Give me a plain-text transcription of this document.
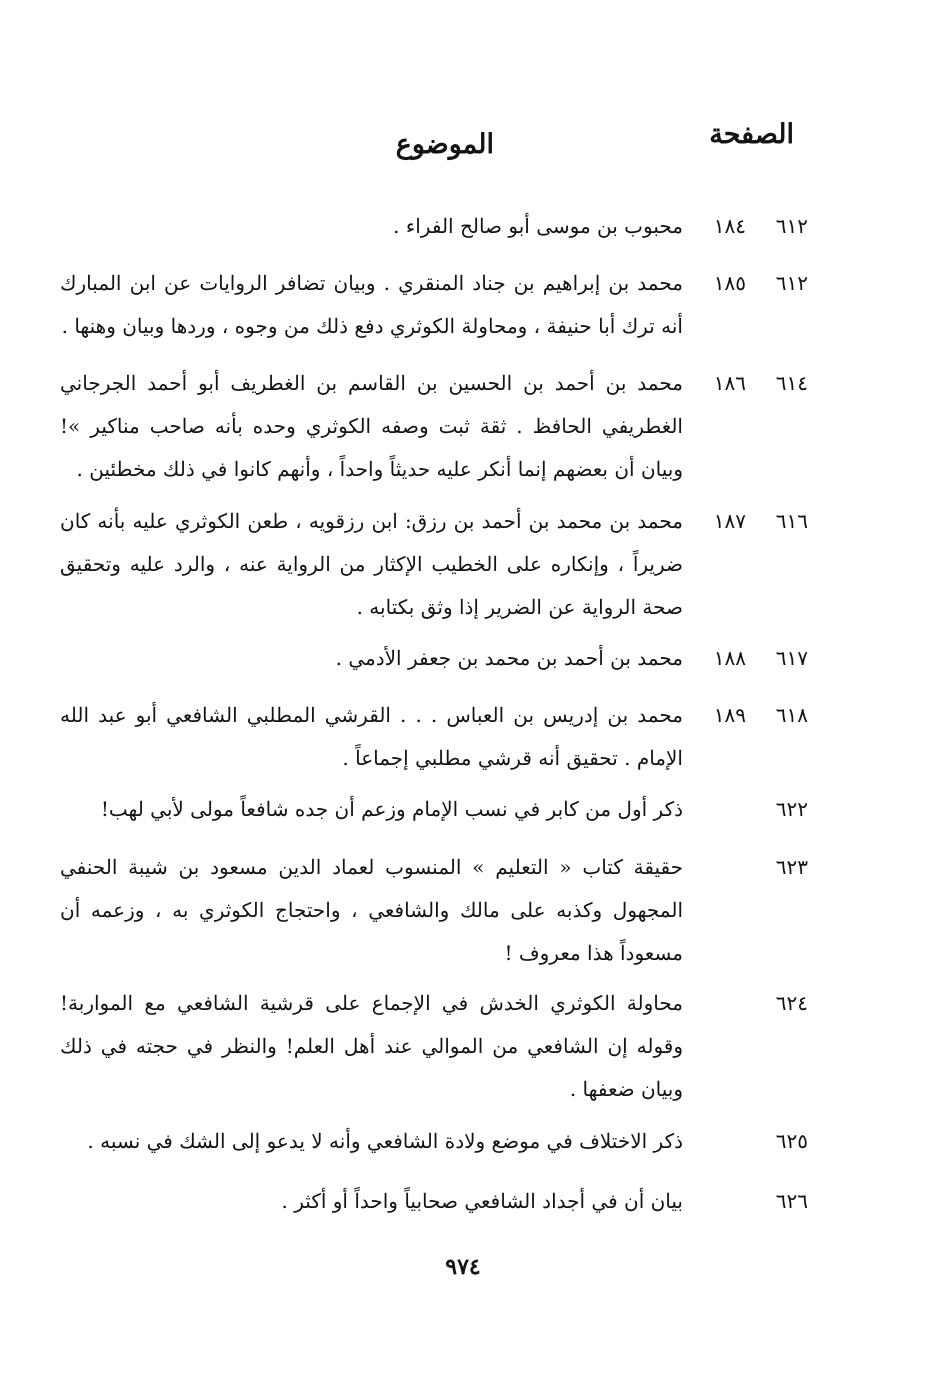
الصفحة
الموضوع
٦١٢
١٨٤
محبوب بن موسى أبو صالح الفراء .
٦١٢
١٨٥
محمد بن إبراهيم بن جناد المنقري . وبيان تضافر الروايات عن ابن المبارك أنه ترك أبا حنيفة ، ومحاولة الكوثري دفع ذلك من وجوه ، وردها وبيان وهنها .
٦١٤
١٨٦
محمد بن أحمد بن الحسين بن القاسم بن الغطريف أبو أحمد الجرجاني الغطريفي الحافظ . ثقة ثبت وصفه الكوثري وحده بأنه صاحب مناكير »! وبيان أن بعضهم إنما أنكر عليه حديثاً واحداً ، وأنهم كانوا في ذلك مخطئين .
٦١٦
١٨٧
محمد بن محمد بن أحمد بن رزق: ابن رزقويه ، طعن الكوثري عليه بأنه كان ضريراً ، وإنكاره على الخطيب الإكثار من الرواية عنه ، والرد عليه وتحقيق صحة الرواية عن الضرير إذا وثق بكتابه .
٦١٧
١٨٨
محمد بن أحمد بن محمد بن جعفر الأدمي .
٦١٨
١٨٩
محمد بن إدريس بن العباس . . . القرشي المطلبي الشافعي أبو عبد الله الإمام . تحقيق أنه قرشي مطلبي إجماعاً .
٦٢٢
ذكر أول من كابر في نسب الإمام وزعم أن جده شافعاً مولى لأبي لهب!
٦٢٣
حقيقة كتاب « التعليم » المنسوب لعماد الدين مسعود بن شيبة الحنفي المجهول وكذبه على مالك والشافعي ، واحتجاج الكوثري به ، وزعمه أن مسعوداً هذا معروف !
٦٢٤
محاولة الكوثري الخدش في الإجماع على قرشية الشافعي مع المواربة! وقوله إن الشافعي من الموالي عند أهل العلم! والنظر في حجته في ذلك وبيان ضعفها .
٦٢٥
ذكر الاختلاف في موضع ولادة الشافعي وأنه لا يدعو إلى الشك في نسبه .
٦٢٦
بيان أن في أجداد الشافعي صحابياً واحداً أو أكثر .
٩٧٤
